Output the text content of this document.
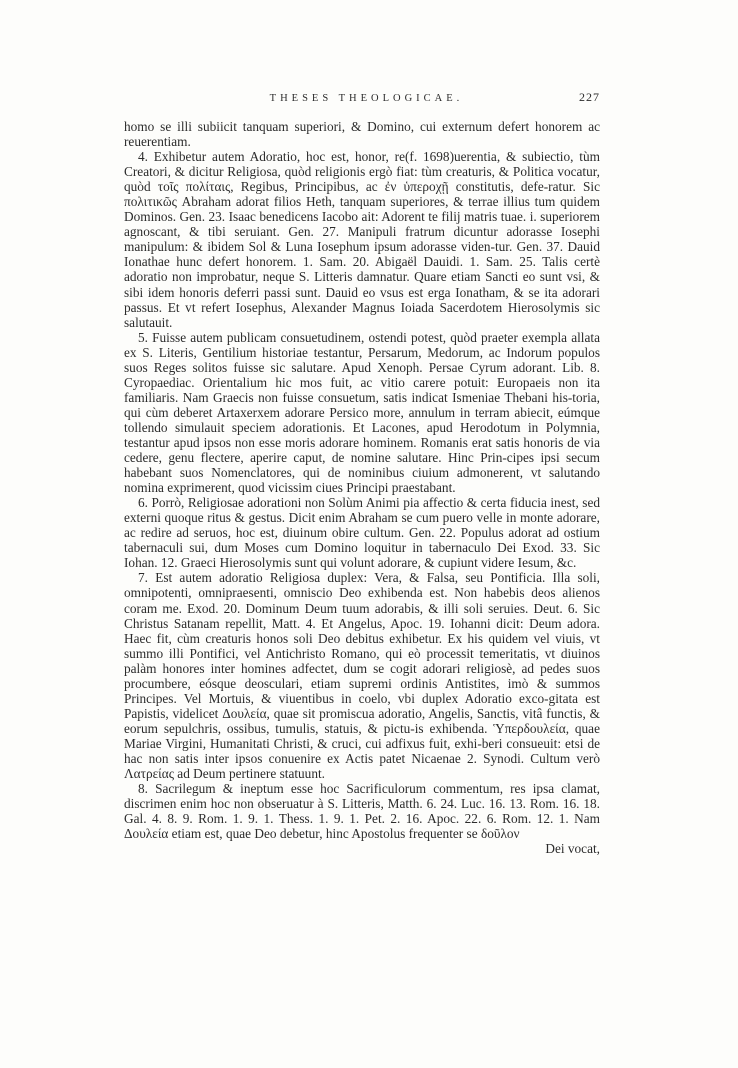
THESES THEOLOGICAE.	227

homo se illi subiicit tanquam superiori, & Domino, cui externum defert honorem ac reuerentiam.

4. Exhibetur autem Adoratio, hoc est, honor, re(f. 1698)uerentia, & subiectio, tùm Creatori, & dicitur Religiosa, quòd religionis ergò fiat: tùm creaturis, & Politica vocatur, quòd τοῖς πολίταις, Regibus, Principibus, ac ἐν ὑπεροχῇ constitutis, defe-ratur. Sic πολιτικῶς Abraham adorat filios Heth, tanquam superiores, & terrae illius tum quidem Dominos. Gen. 23. Isaac benedicens Iacobo ait: Adorent te filij matris tuae. i. superiorem agnoscant, & tibi seruiant. Gen. 27. Manipuli fratrum dicuntur adorasse Iosephi manipulum: & ibidem Sol & Luna Iosephum ipsum adorasse viden-tur. Gen. 37. Dauid Ionathae hunc defert honorem. 1. Sam. 20. Abigaël Dauidi. 1. Sam. 25. Talis certè adoratio non improbatur, neque S. Litteris damnatur. Quare etiam Sancti eo sunt vsi, & sibi idem honoris deferri passi sunt. Dauid eo vsus est erga Ionatham, & se ita adorari passus. Et vt refert Iosephus, Alexander Magnus Ioiada Sacerdotem Hierosolymis sic salutauit.

5. Fuisse autem publicam consuetudinem, ostendi potest, quòd praeter exempla allata ex S. Literis, Gentilium historiae testantur, Persarum, Medorum, ac Indorum populos suos Reges solitos fuisse sic salutare. Apud Xenoph. Persae Cyrum adorant. Lib. 8. Cyropaediac. Orientalium hic mos fuit, ac vitio carere potuit: Europaeis non ita familiaris. Nam Graecis non fuisse consuetum, satis indicat Ismeniae Thebani his-toria, qui cùm deberet Artaxerxem adorare Persico more, annulum in terram abiecit, eúmque tollendo simulauit speciem adorationis. Et Lacones, apud Herodotum in Polymnia, testantur apud ipsos non esse moris adorare hominem. Romanis erat satis honoris de via cedere, genu flectere, aperire caput, de nomine salutare. Hinc Prin-cipes ipsi secum habebant suos Nomenclatores, qui de nominibus ciuium admonerent, vt salutando nomina exprimerent, quod vicissim ciues Principi praestabant.

6. Porrò, Religiosae adorationi non Solùm Animi pia affectio & certa fiducia inest, sed externi quoque ritus & gestus. Dicit enim Abraham se cum puero velle in monte adorare, ac redire ad seruos, hoc est, diuinum obire cultum. Gen. 22. Populus adorat ad ostium tabernaculi sui, dum Moses cum Domino loquitur in tabernaculo Dei Exod. 33. Sic Iohan. 12. Graeci Hierosolymis sunt qui volunt adorare, & cupiunt videre Iesum, &c.

7. Est autem adoratio Religiosa duplex: Vera, & Falsa, seu Pontificia. Illa soli, omnipotenti, omnipraesenti, omniscio Deo exhibenda est. Non habebis deos alienos coram me. Exod. 20. Dominum Deum tuum adorabis, & illi soli seruies. Deut. 6. Sic Christus Satanam repellit, Matt. 4. Et Angelus, Apoc. 19. Iohanni dicit: Deum adora. Haec fit, cùm creaturis honos soli Deo debitus exhibetur. Ex his quidem vel viuis, vt summo illi Pontifici, vel Antichristo Romano, qui eò processit temeritatis, vt diuinos palàm honores inter homines adfectet, dum se cogit adorari religiosè, ad pedes suos procumbere, eósque deosculari, etiam supremi ordinis Antistites, imò & summos Principes. Vel Mortuis, & viuentibus in coelo, vbi duplex Adoratio exco-gitata est Papistis, videlicet Δουλεία, quae sit promiscua adoratio, Angelis, Sanctis, vitâ functis, & eorum sepulchris, ossibus, tumulis, statuis, & pictu-is exhibenda. Ὑπερδουλεία, quae Mariae Virgini, Humanitati Christi, & cruci, cui adfixus fuit, exhi-beri consueuit: etsi de hac non satis inter ipsos conuenire ex Actis patet Nicaenae 2. Synodi. Cultum verò Λατρείας ad Deum pertinere statuunt.

8. Sacrilegum & ineptum esse hoc Sacrificulorum commentum, res ipsa clamat, discrimen enim hoc non obseruatur à S. Litteris, Matth. 6. 24. Luc. 16. 13. Rom. 16. 18. Gal. 4. 8. 9. Rom. 1. 9. 1. Thess. 1. 9. 1. Pet. 2. 16. Apoc. 22. 6. Rom. 12. 1. Nam Δουλεία etiam est, quae Deo debetur, hinc Apostolus frequenter se δοῦλον

Dei vocat,
